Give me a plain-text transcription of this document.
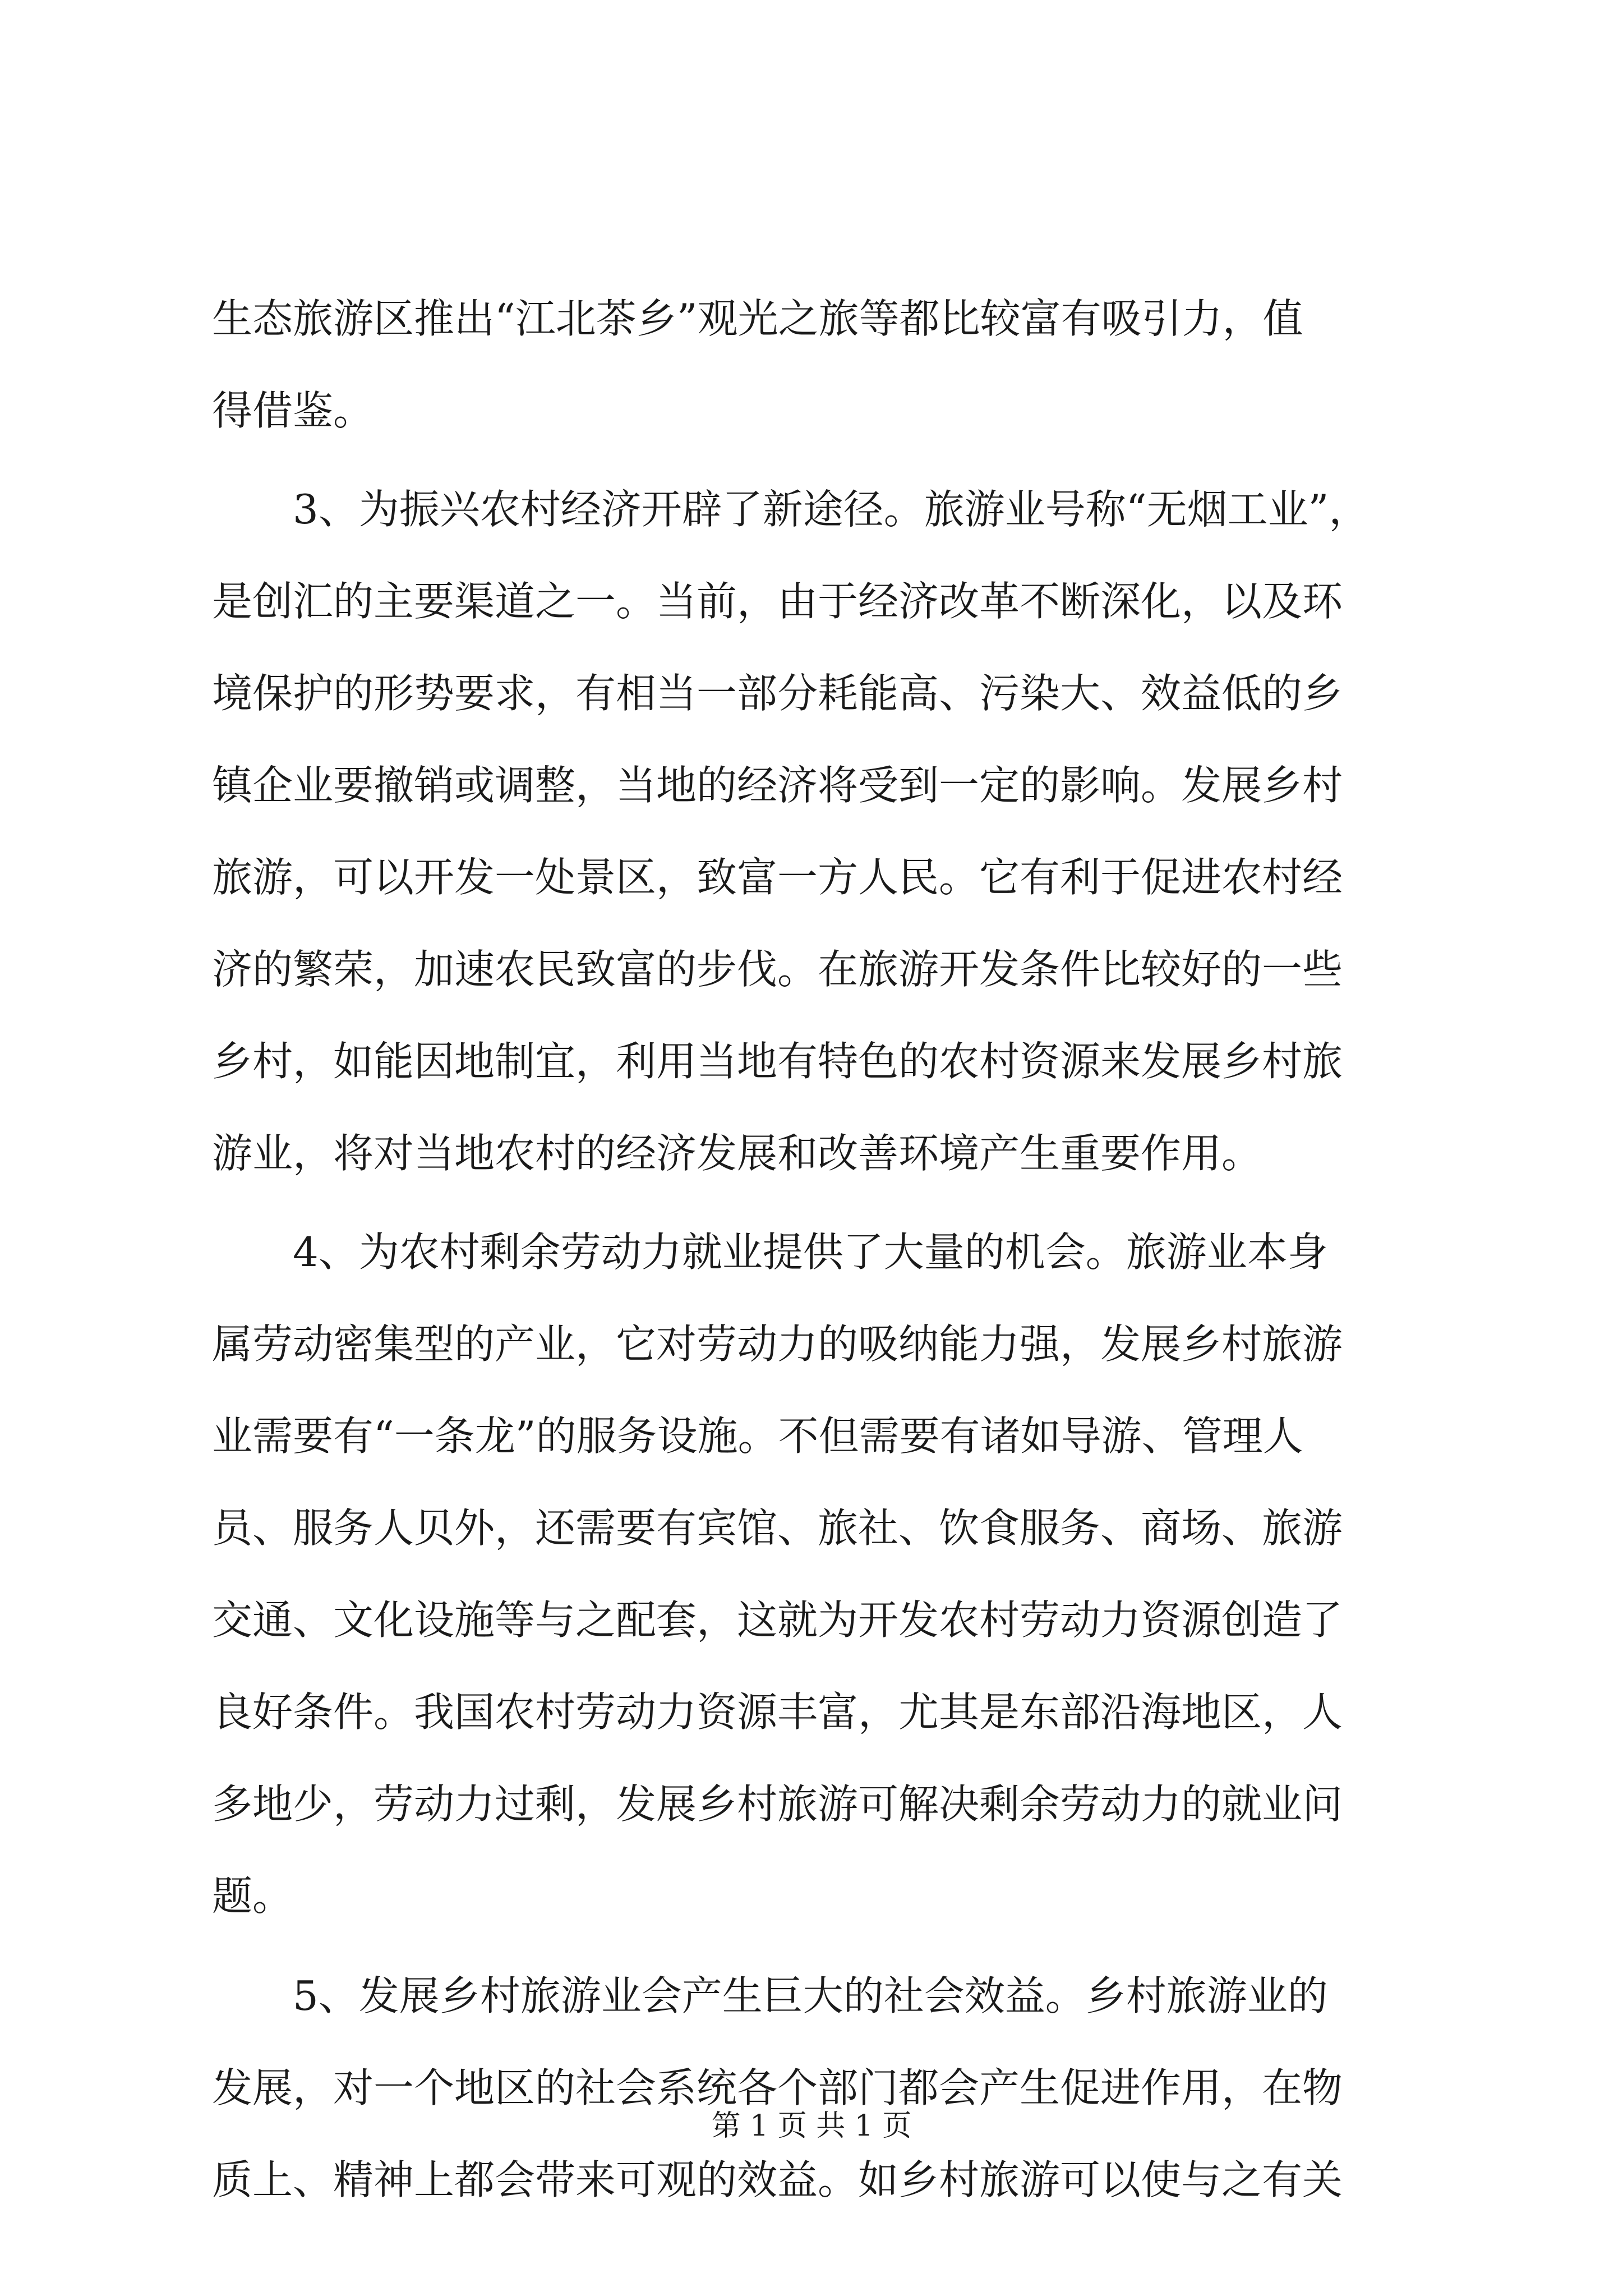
生态旅游区推出“江北茶乡”观光之旅等都比较富有吸引力，值
得借鉴。
3、为振兴农村经济开辟了新途径。旅游业号称“无烟工业”，
是创汇的主要渠道之一。当前，由于经济改革不断深化，以及环
境保护的形势要求，有相当一部分耗能高、污染大、效益低的乡
镇企业要撤销或调整，当地的经济将受到一定的影响。发展乡村
旅游，可以开发一处景区，致富一方人民。它有利于促进农村经
济的繁荣，加速农民致富的步伐。在旅游开发条件比较好的一些
乡村，如能因地制宜，利用当地有特色的农村资源来发展乡村旅
游业，将对当地农村的经济发展和改善环境产生重要作用。
4、为农村剩余劳动力就业提供了大量的机会。旅游业本身
属劳动密集型的产业，它对劳动力的吸纳能力强，发展乡村旅游
业需要有“一条龙”的服务设施。不但需要有诸如导游、管理人
员、服务人贝外，还需要有宾馆、旅社、饮食服务、商场、旅游
交通、文化设施等与之配套，这就为开发农村劳动力资源创造了
良好条件。我国农村劳动力资源丰富，尤其是东部沿海地区，人
多地少，劳动力过剩，发展乡村旅游可解决剩余劳动力的就业问
题。
5、发展乡村旅游业会产生巨大的社会效益。乡村旅游业的
发展，对一个地区的社会系统各个部门都会产生促进作用，在物
质上、精神上都会带来可观的效益。如乡村旅游可以使与之有关
第 1 页 共 1 页
